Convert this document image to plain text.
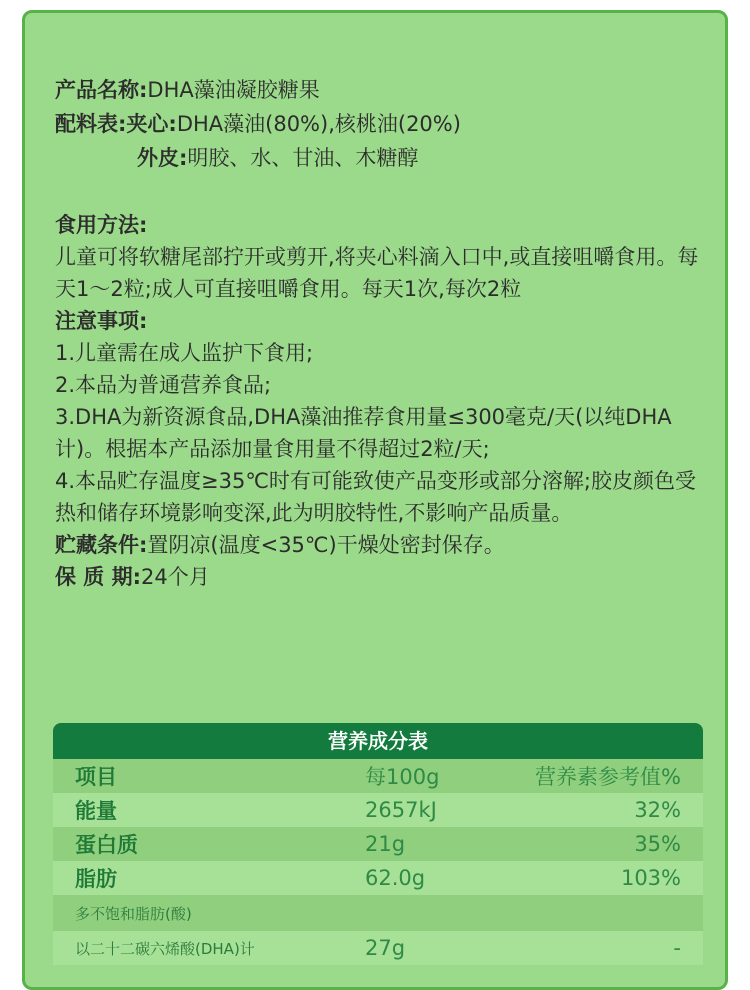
产品名称:DHA藻油凝胶糖果

配料表:夹心:DHA藻油(80%),核桃油(20%)

外皮:明胶、水、甘油、木糖醇

食用方法:

儿童可将软糖尾部拧开或剪开,将夹心料滴入口中,或直接咀嚼食用。每天1～2粒;成人可直接咀嚼食用。每天1次,每次2粒

注意事项:

1.儿童需在成人监护下食用;

2.本品为普通营养食品;

3.DHA为新资源食品,DHA藻油推荐食用量≤300毫克/天(以纯DHA计)。根据本产品添加量食用量不得超过2粒/天;

4.本品贮存温度≥35℃时有可能致使产品变形或部分溶解;胶皮颜色受热和储存环境影响变深,此为明胶特性,不影响产品质量。

贮藏条件:置阴凉(温度<35℃)干燥处密封保存。

保 质 期:24个月

营养成分表
项目	每100g	营养素参考值%
能量	2657kJ	32%
蛋白质	21g	35%
脂肪	62.0g	103%
多不饱和脂肪(酸)
以二十二碳六烯酸(DHA)计	27g	-
